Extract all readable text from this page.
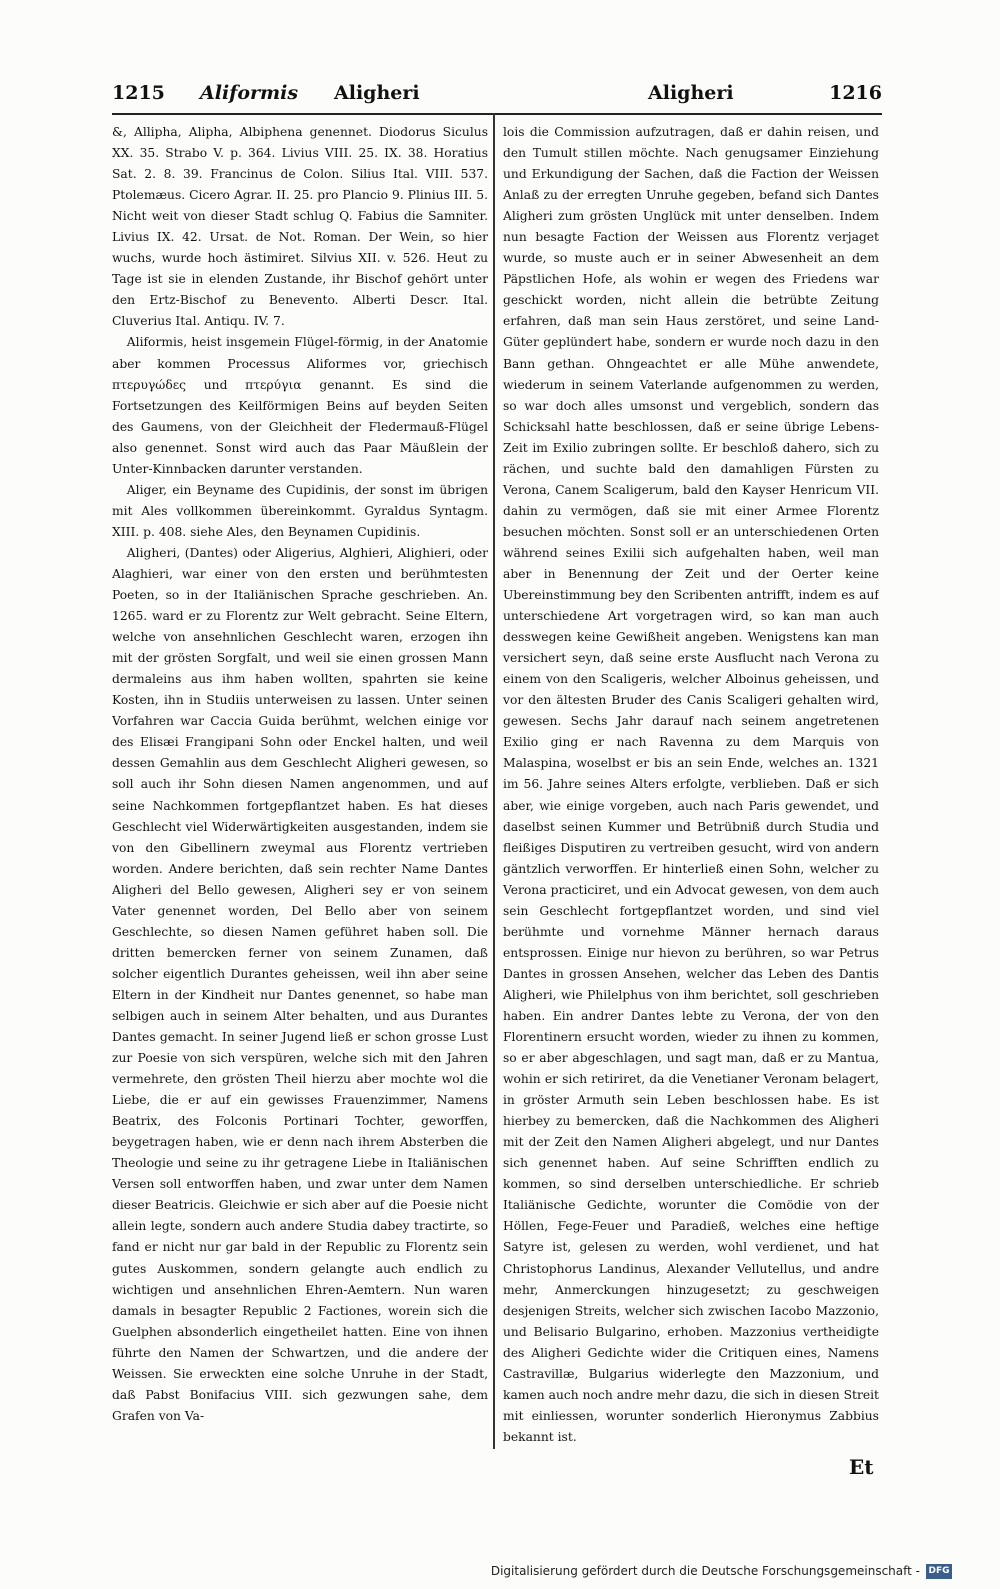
1215 Aliformis Aligheri	Aligheri	1216

&, Allipha, Alipha, Albiphena genennet. Diodorus Siculus XX. 35. Strabo V. p. 364. Livius VIII. 25. IX. 38. Horatius Sat. 2. 8. 39. Francinus de Colon. Silius Ital. VIII. 537. Ptolemæus. Cicero Agrar. II. 25. pro Plancio 9. Plinius III. 5. Nicht weit von dieser Stadt schlug Q. Fabius die Samniter. Livius IX. 42. Ursat. de Not. Roman. Der Wein, so hier wuchs, wurde hoch ästimiret. Silvius XII. v. 526. Heut zu Tage ist sie in elenden Zustande, ihr Bischof gehört unter den Ertz-Bischof zu Benevento. Alberti Descr. Ital. Cluverius Ital. Antiqu. IV. 7.

Aliformis, heist insgemein Flügel-förmig, in der Anatomie aber kommen Processus Aliformes vor, griechisch πτερυγώδες und πτερύγια genannt. Es sind die Fortsetzungen des Keilförmigen Beins auf beyden Seiten des Gaumens, von der Gleichheit der Fledermauß-Flügel also genennet. Sonst wird auch das Paar Mäußlein der Unter-Kinnbacken darunter verstanden.

Aliger, ein Beyname des Cupidinis, der sonst im übrigen mit Ales vollkommen übereinkommt. Gyraldus Syntagm. XIII. p. 408. siehe Ales, den Beynamen Cupidinis.

Aligheri, (Dantes) oder Aligerius, Alghieri, Alighieri, oder Alaghieri, war einer von den ersten und berühmtesten Poeten, so in der Italiänischen Sprache geschrieben. An. 1265. ward er zu Florentz zur Welt gebracht. Seine Eltern, welche von ansehnlichen Geschlecht waren, erzogen ihn mit der grösten Sorgfalt, und weil sie einen grossen Mann dermaleins aus ihm haben wollten, spahrten sie keine Kosten, ihn in Studiis unterweisen zu lassen. Unter seinen Vorfahren war Caccia Guida berühmt, welchen einige vor des Elisæi Frangipani Sohn oder Enckel halten, und weil dessen Gemahlin aus dem Geschlecht Aligheri gewesen, so soll auch ihr Sohn diesen Namen angenommen, und auf seine Nachkommen fortgepflantzet haben. Es hat dieses Geschlecht viel Widerwärtigkeiten ausgestanden, indem sie von den Gibellinern zweymal aus Florentz vertrieben worden. Andere berichten, daß sein rechter Name Dantes Aligheri del Bello gewesen, Aligheri sey er von seinem Vater genennet worden, Del Bello aber von seinem Geschlechte, so diesen Namen geführet haben soll. Die dritten bemercken ferner von seinem Zunamen, daß solcher eigentlich Durantes geheissen, weil ihn aber seine Eltern in der Kindheit nur Dantes genennet, so habe man selbigen auch in seinem Alter behalten, und aus Durantes Dantes gemacht. In seiner Jugend ließ er schon grosse Lust zur Poesie von sich verspüren, welche sich mit den Jahren vermehrete, den grösten Theil hierzu aber mochte wol die Liebe, die er auf ein gewisses Frauenzimmer, Namens Beatrix, des Folconis Portinari Tochter, geworffen, beygetragen haben, wie er denn nach ihrem Absterben die Theologie und seine zu ihr getragene Liebe in Italiänischen Versen soll entworffen haben, und zwar unter dem Namen dieser Beatricis. Gleichwie er sich aber auf die Poesie nicht allein legte, sondern auch andere Studia dabey tractirte, so fand er nicht nur gar bald in der Republic zu Florentz sein gutes Auskommen, sondern gelangte auch endlich zu wichtigen und ansehnlichen Ehren-Aemtern. Nun waren damals in besagter Republic 2 Factiones, worein sich die Guelphen absonderlich eingetheilet hatten. Eine von ihnen führte den Namen der Schwartzen, und die andere der Weissen. Sie erweckten eine solche Unruhe in der Stadt, daß Pabst Bonifacius VIII. sich gezwungen sahe, dem Grafen von Va-

lois die Commission aufzutragen, daß er dahin reisen, und den Tumult stillen möchte. Nach genugsamer Einziehung und Erkundigung der Sachen, daß die Faction der Weissen Anlaß zu der erregten Unruhe gegeben, befand sich Dantes Aligheri zum grösten Unglück mit unter denselben. Indem nun besagte Faction der Weissen aus Florentz verjaget wurde, so muste auch er in seiner Abwesenheit an dem Päpstlichen Hofe, als wohin er wegen des Friedens war geschickt worden, nicht allein die betrübte Zeitung erfahren, daß man sein Haus zerstöret, und seine Land-Güter geplündert habe, sondern er wurde noch dazu in den Bann gethan. Ohngeachtet er alle Mühe anwendete, wiederum in seinem Vaterlande aufgenommen zu werden, so war doch alles umsonst und vergeblich, sondern das Schicksahl hatte beschlossen, daß er seine übrige Lebens-Zeit im Exilio zubringen sollte. Er beschloß dahero, sich zu rächen, und suchte bald den damahligen Fürsten zu Verona, Canem Scaligerum, bald den Kayser Henricum VII. dahin zu vermögen, daß sie mit einer Armee Florentz besuchen möchten. Sonst soll er an unterschiedenen Orten während seines Exilii sich aufgehalten haben, weil man aber in Benennung der Zeit und der Oerter keine Ubereinstimmung bey den Scribenten antrifft, indem es auf unterschiedene Art vorgetragen wird, so kan man auch desswegen keine Gewißheit angeben. Wenigstens kan man versichert seyn, daß seine erste Ausflucht nach Verona zu einem von den Scaligeris, welcher Alboinus geheissen, und vor den ältesten Bruder des Canis Scaligeri gehalten wird, gewesen. Sechs Jahr darauf nach seinem angetretenen Exilio ging er nach Ravenna zu dem Marquis von Malaspina, woselbst er bis an sein Ende, welches an. 1321 im 56. Jahre seines Alters erfolgte, verblieben. Daß er sich aber, wie einige vorgeben, auch nach Paris gewendet, und daselbst seinen Kummer und Betrübniß durch Studia und fleißiges Disputiren zu vertreiben gesucht, wird von andern gäntzlich verworffen. Er hinterließ einen Sohn, welcher zu Verona practiciret, und ein Advocat gewesen, von dem auch sein Geschlecht fortgepflantzet worden, und sind viel berühmte und vornehme Männer hernach daraus entsprossen. Einige nur hievon zu berühren, so war Petrus Dantes in grossen Ansehen, welcher das Leben des Dantis Aligheri, wie Philelphus von ihm berichtet, soll geschrieben haben. Ein andrer Dantes lebte zu Verona, der von den Florentinern ersucht worden, wieder zu ihnen zu kommen, so er aber abgeschlagen, und sagt man, daß er zu Mantua, wohin er sich retiriret, da die Venetianer Veronam belagert, in gröster Armuth sein Leben beschlossen habe. Es ist hierbey zu bemercken, daß die Nachkommen des Aligheri mit der Zeit den Namen Aligheri abgelegt, und nur Dantes sich genennet haben. Auf seine Schrifften endlich zu kommen, so sind derselben unterschiedliche. Er schrieb Italiänische Gedichte, worunter die Comödie von der Höllen, Fege-Feuer und Paradieß, welches eine heftige Satyre ist, gelesen zu werden, wohl verdienet, und hat Christophorus Landinus, Alexander Vellutellus, und andre mehr, Anmerckungen hinzugesetzt; zu geschweigen desjenigen Streits, welcher sich zwischen Iacobo Mazzonio, und Belisario Bulgarino, erhoben. Mazzonius vertheidigte des Aligheri Gedichte wider die Critiquen eines, Namens Castravillæ, Bulgarius widerlegte den Mazzonium, und kamen auch noch andre mehr dazu, die sich in diesen Streit mit einliessen, worunter sonderlich Hieronymus Zabbius bekannt ist.

Et
Digitalisierung gefördert durch die Deutsche Forschungsgemeinschaft - DFG
